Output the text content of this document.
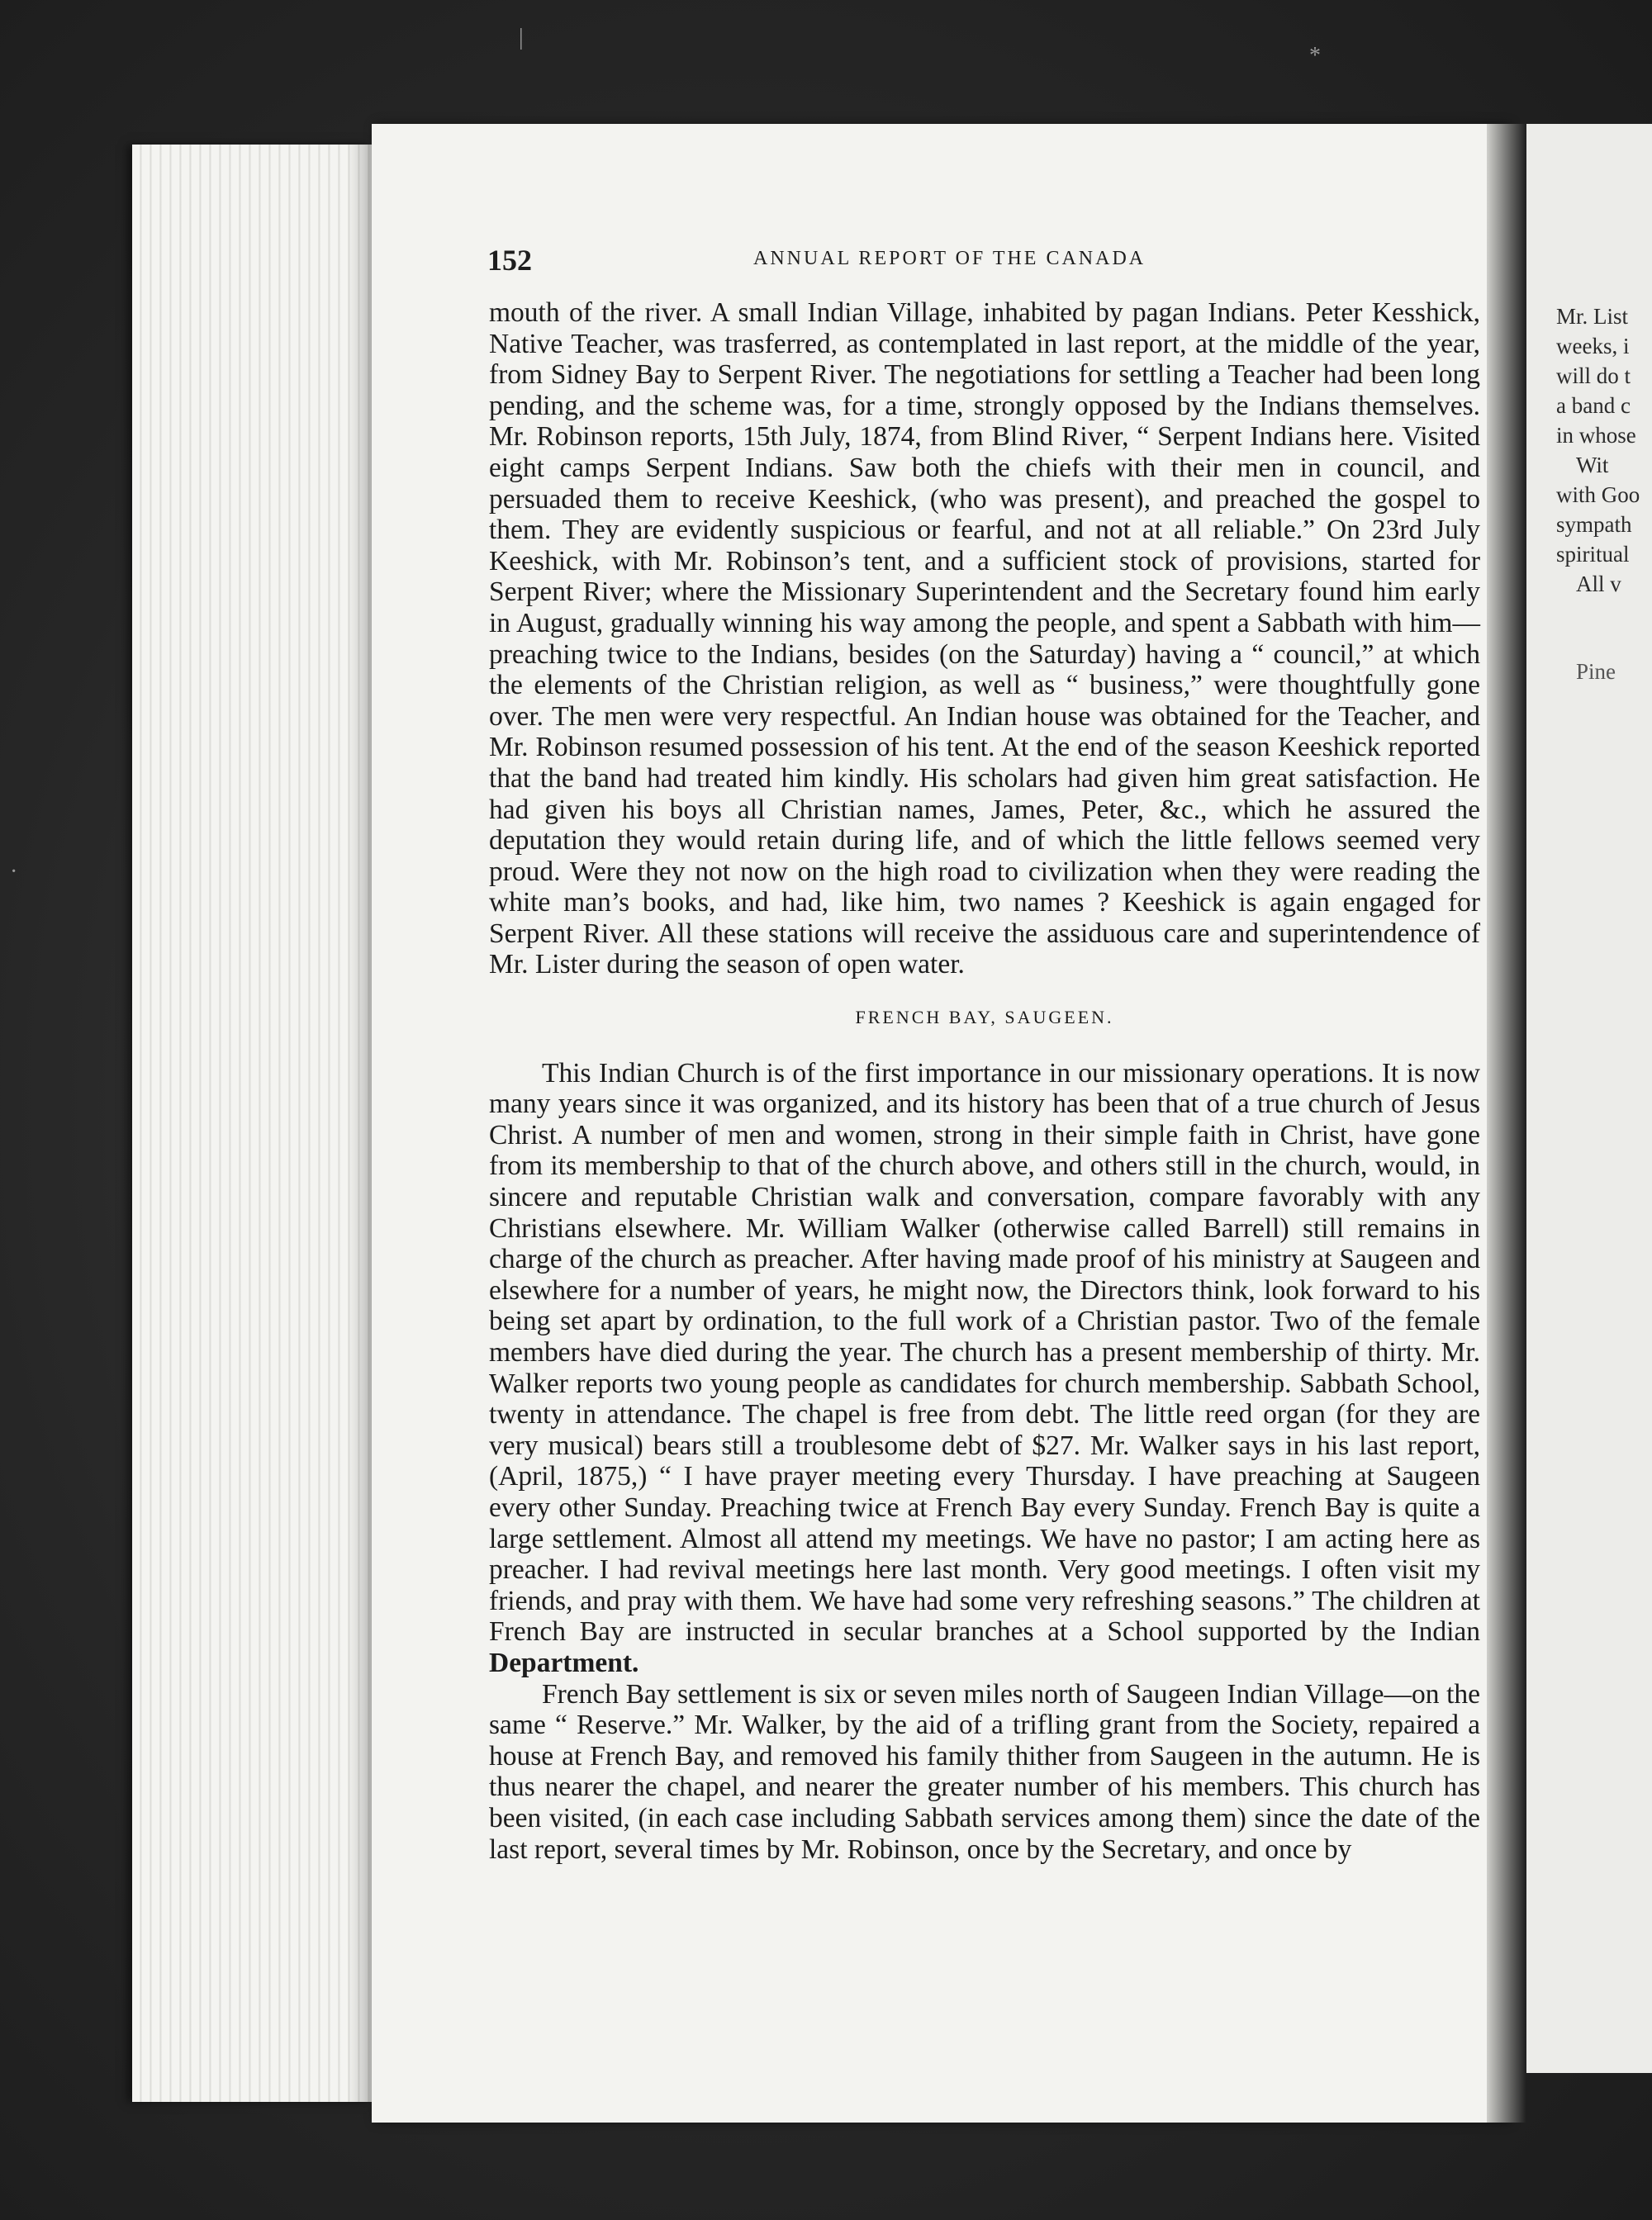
Mr. List
weeks, i
will do t
a band c
in whose
Wit
with Goo
sympath
spiritual
All v
Pine
152	ANNUAL REPORT OF THE CANADA

mouth of the river. A small Indian Village, inhabited by pagan Indians. Peter Kesshick, Native Teacher, was trasferred, as contemplated in last report, at the middle of the year, from Sidney Bay to Serpent River. The negotiations for settling a Teacher had been long pending, and the scheme was, for a time, strongly opposed by the Indians themselves. Mr. Robinson reports, 15th July, 1874, from Blind River, “ Serpent Indians here. Visited eight camps Serpent Indians. Saw both the chiefs with their men in council, and persuaded them to receive Keeshick, (who was present), and preached the gospel to them. They are evidently suspicious or fearful, and not at all reliable.” On 23rd July Keeshick, with Mr. Robinson’s tent, and a sufficient stock of provisions, started for Serpent River; where the Missionary Superintendent and the Secretary found him early in August, gradually winning his way among the people, and spent a Sabbath with him—preaching twice to the Indians, besides (on the Saturday) having a “ council,” at which the elements of the Christian religion, as well as “ business,” were thoughtfully gone over. The men were very respectful. An Indian house was obtained for the Teacher, and Mr. Robinson resumed possession of his tent. At the end of the season Keeshick reported that the band had treated him kindly. His scholars had given him great satisfaction. He had given his boys all Christian names, James, Peter, &c., which he assured the deputation they would retain during life, and of which the little fellows seemed very proud. Were they not now on the high road to civilization when they were reading the white man’s books, and had, like him, two names ? Keeshick is again engaged for Serpent River. All these stations will receive the assiduous care and superintendence of Mr. Lister during the season of open water.

FRENCH BAY, SAUGEEN.

This Indian Church is of the first importance in our missionary operations. It is now many years since it was organized, and its history has been that of a true church of Jesus Christ. A number of men and women, strong in their simple faith in Christ, have gone from its membership to that of the church above, and others still in the church, would, in sincere and reputable Christian walk and conversation, compare favorably with any Christians elsewhere. Mr. William Walker (otherwise called Barrell) still remains in charge of the church as preacher. After having made proof of his ministry at Saugeen and elsewhere for a number of years, he might now, the Directors think, look forward to his being set apart by ordination, to the full work of a Christian pastor. Two of the female members have died during the year. The church has a present membership of thirty. Mr. Walker reports two young people as candidates for church membership. Sabbath School, twenty in attendance. The chapel is free from debt. The little reed organ (for they are very musical) bears still a troublesome debt of $27. Mr. Walker says in his last report, (April, 1875,) “ I have prayer meeting every Thursday. I have preaching at Saugeen every other Sunday. Preaching twice at French Bay every Sunday. French Bay is quite a large settlement. Almost all attend my meetings. We have no pastor; I am acting here as preacher. I had revival meetings here last month. Very good meetings. I often visit my friends, and pray with them. We have had some very refreshing seasons.” The children at French Bay are instructed in secular branches at a School supported by the Indian Department.

French Bay settlement is six or seven miles north of Saugeen Indian Village—on the same “ Reserve.” Mr. Walker, by the aid of a trifling grant from the Society, repaired a house at French Bay, and removed his family thither from Saugeen in the autumn. He is thus nearer the chapel, and nearer the greater number of his members. This church has been visited, (in each case including Sabbath services among them) since the date of the last report, several times by Mr. Robinson, once by the Secretary, and once by

|
*
·
